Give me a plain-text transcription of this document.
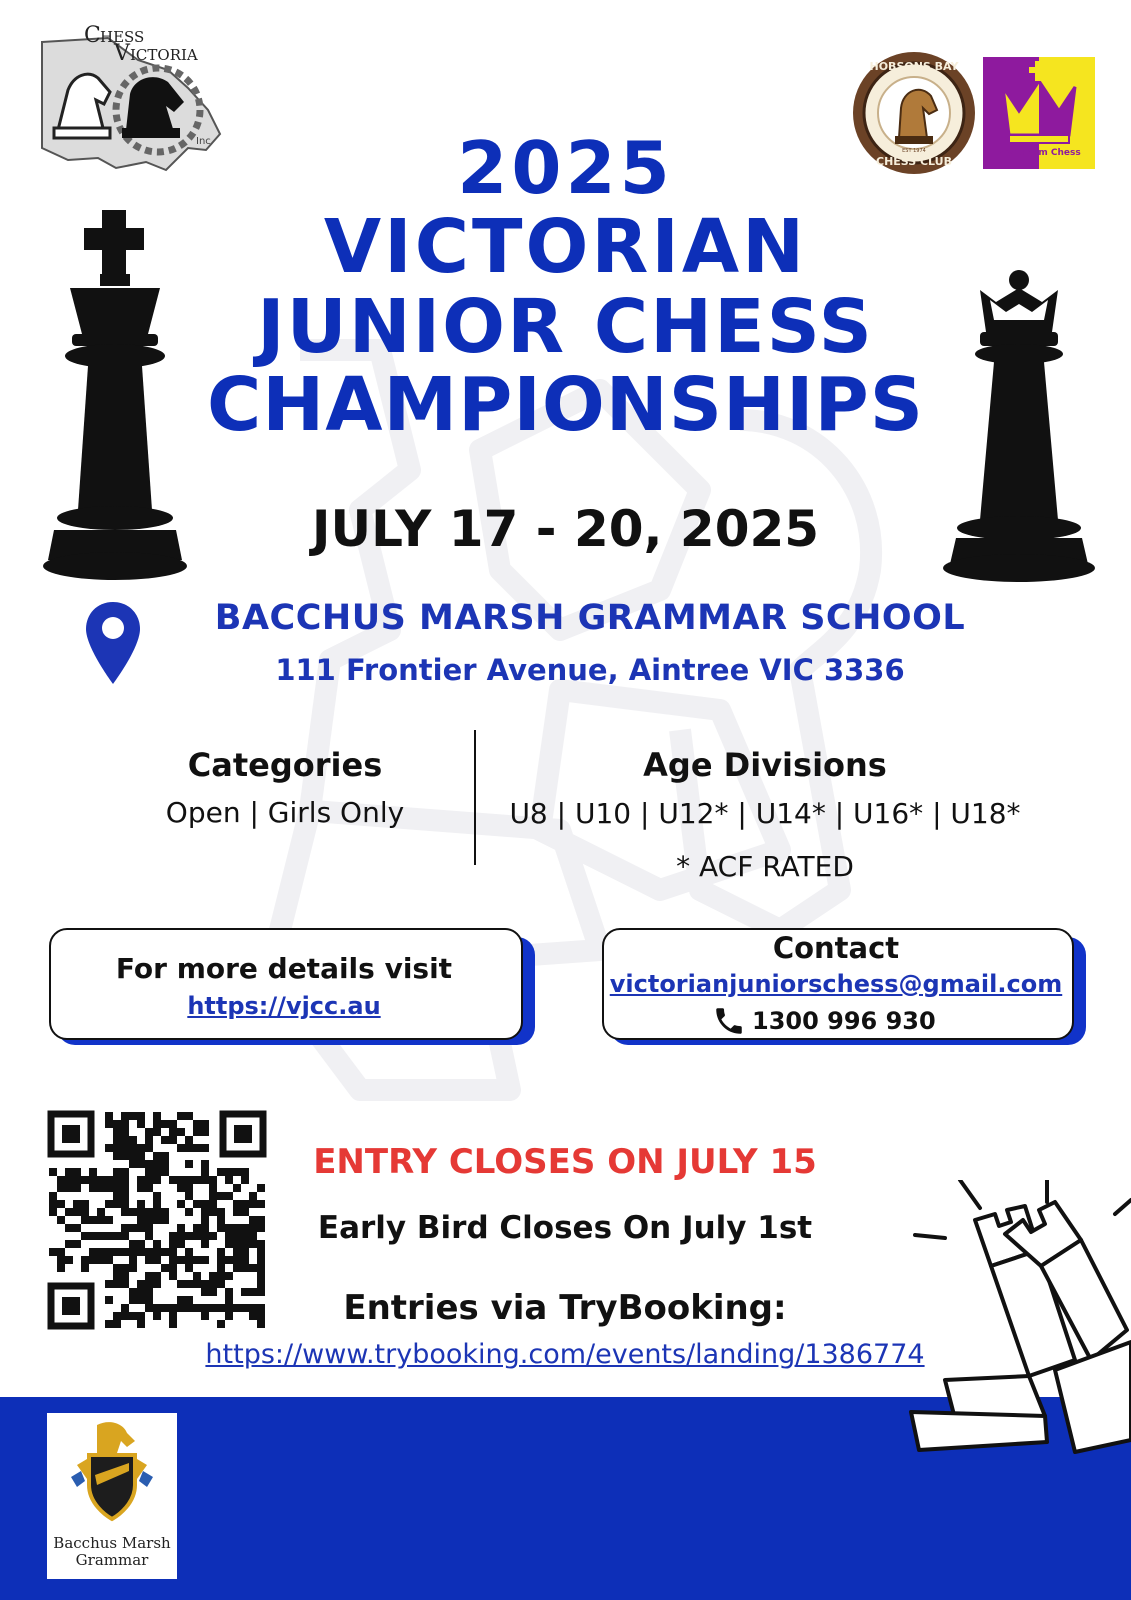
C HESS
V ICTORIA
Inc
HOBSONS BAY
CHESS CLUB
EST 1974	Wyndham Chess
2025
VICTORIAN
JUNIOR CHESS
CHAMPIONSHIPS
JULY 17 - 20, 2025
BACCHUS MARSH GRAMMAR SCHOOL
111 Frontier Avenue, Aintree VIC 3336
Categories
Open | Girls Only
Age Divisions
U8 | U10 | U12* | U14* | U16* | U18*
* ACF RATED
For more details visit
https://vjcc.au
Contact
victorianjuniorschess@gmail.com
1300 996 930
ENTRY CLOSES ON JULY 15
Early Bird Closes On July 1st
Entries via TryBooking:
https://www.trybooking.com/events/landing/1386774
Bacchus Marsh Grammar
